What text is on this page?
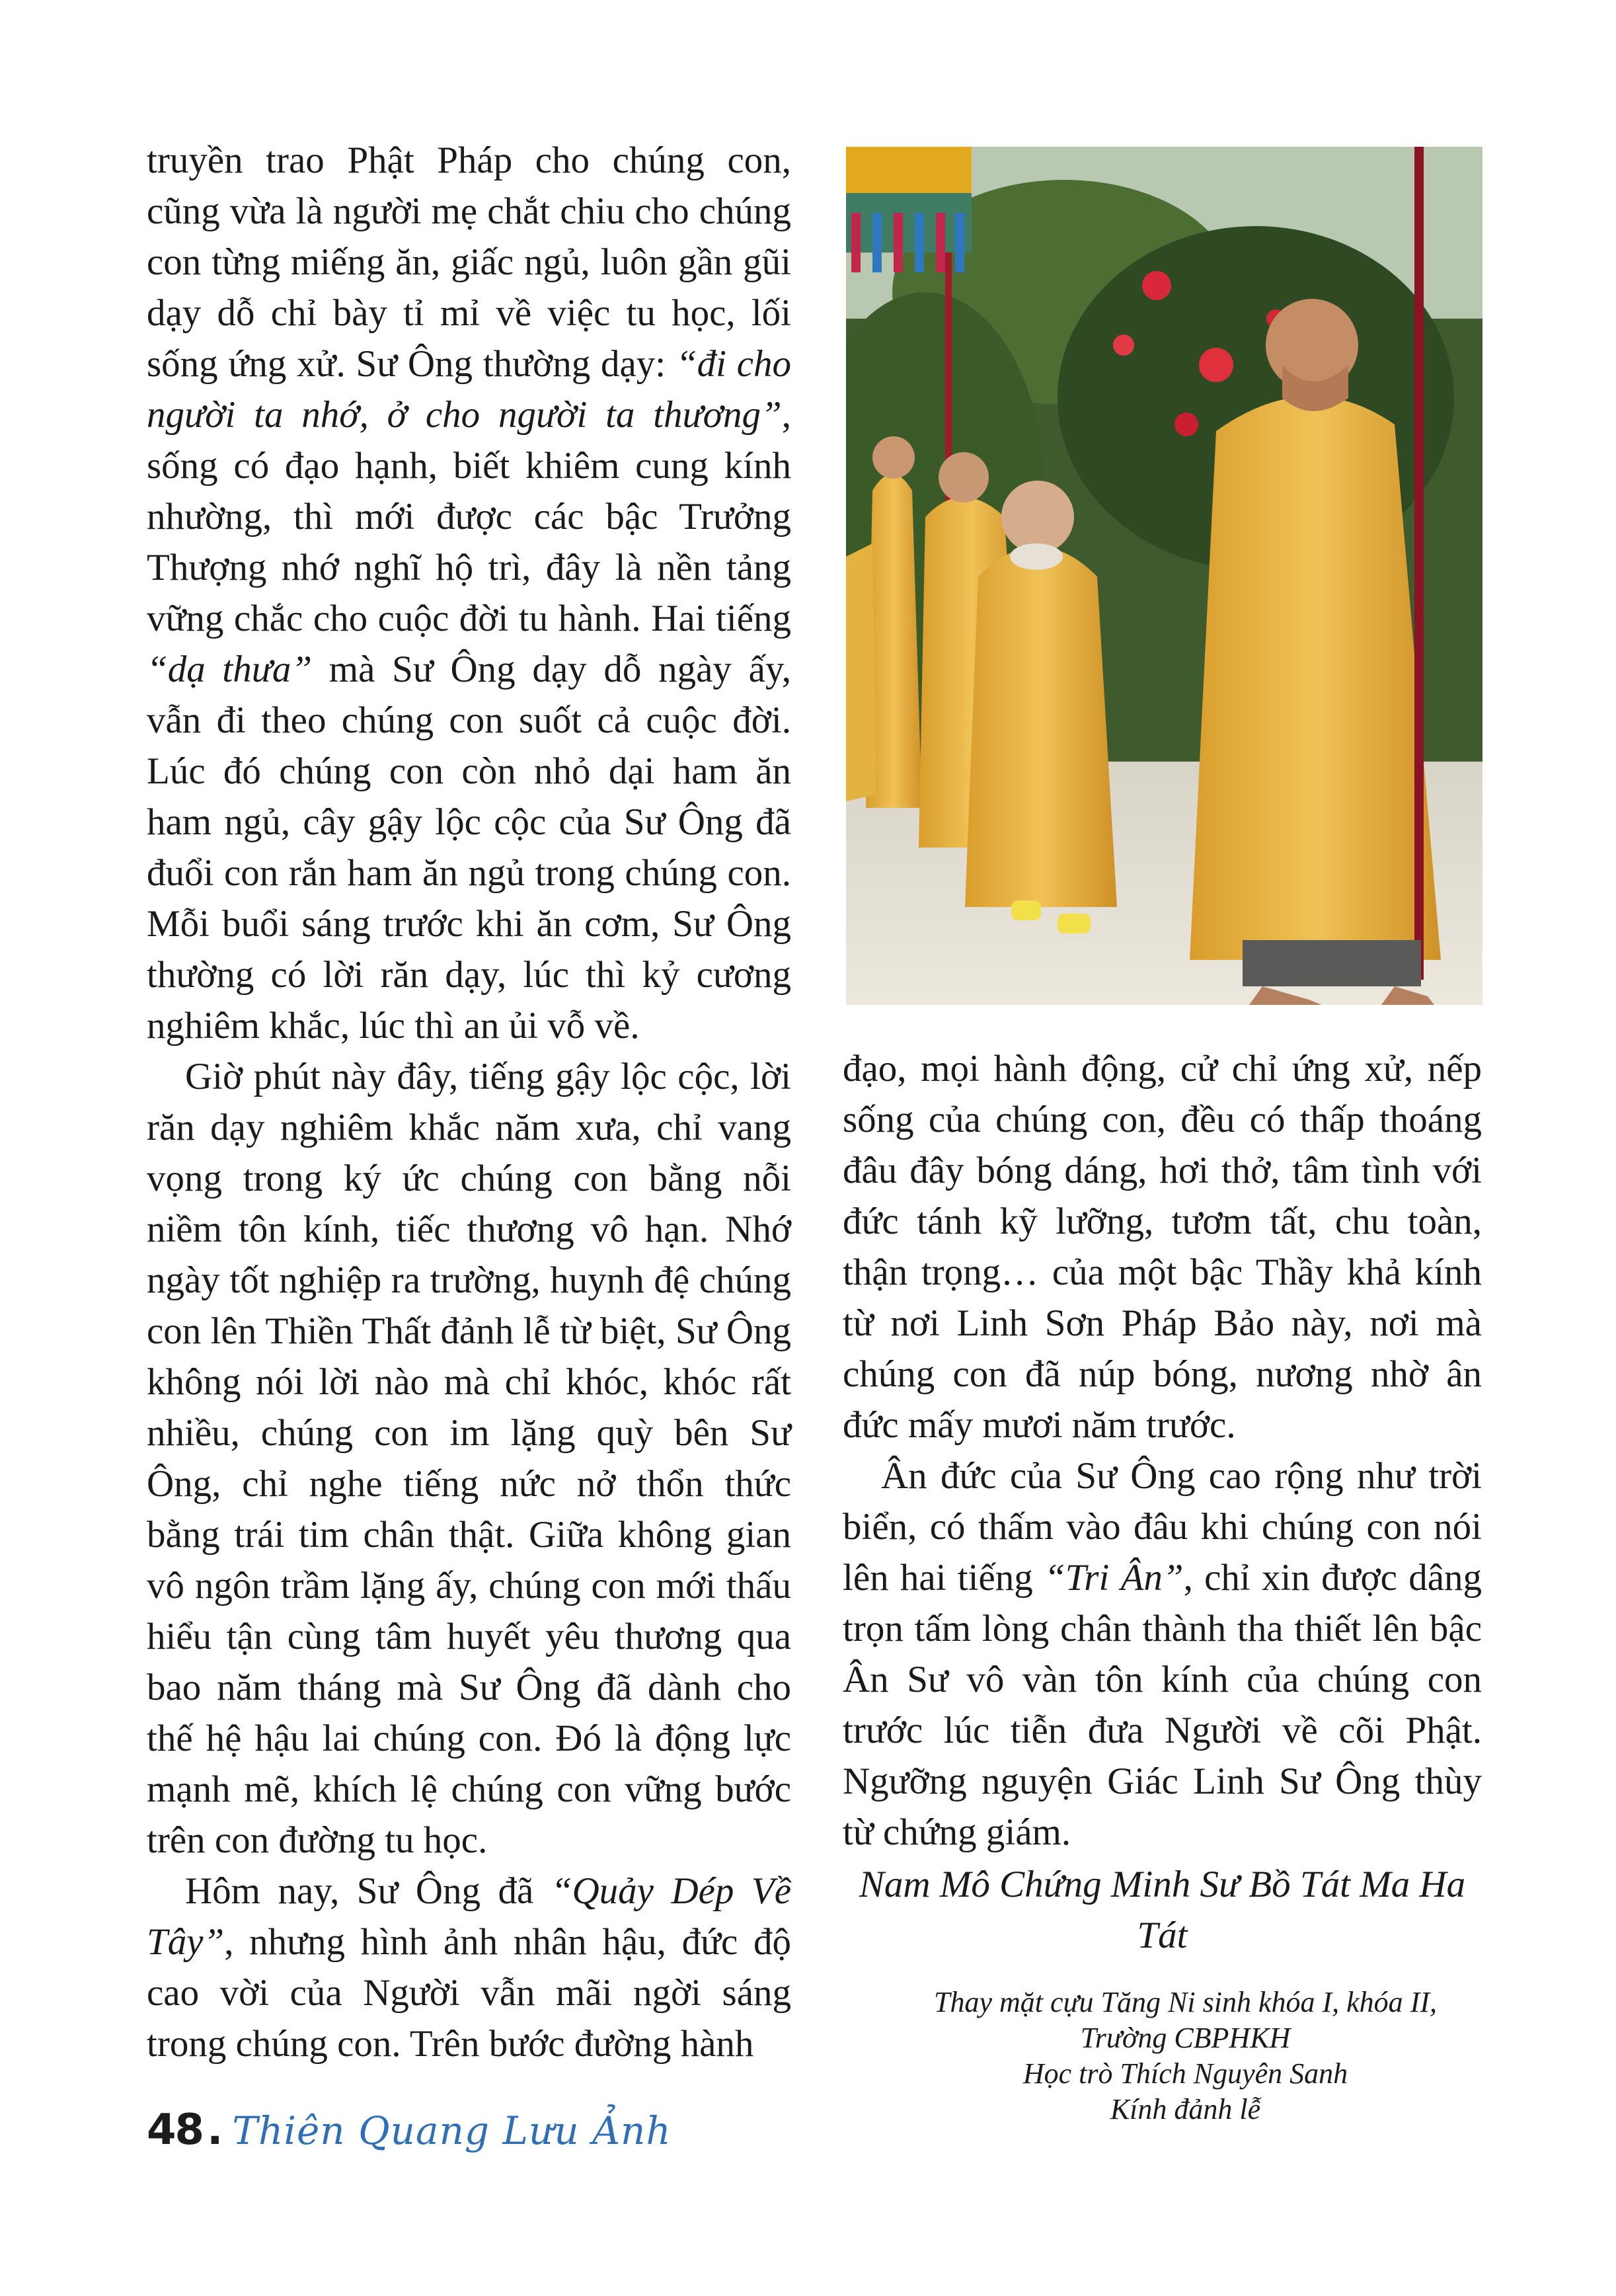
truyền trao Phật Pháp cho chúng con, cũng vừa là người mẹ chắt chiu cho chúng con từng miếng ăn, giấc ngủ, luôn gần gũi dạy dỗ chỉ bày tỉ mỉ về việc tu học, lối sống ứng xử. Sư Ông thường dạy: “đi cho người ta nhớ, ở cho người ta thương”, sống có đạo hạnh, biết khiêm cung kính nhường, thì mới được các bậc Trưởng Thượng nhớ nghĩ hộ trì, đây là nền tảng vững chắc cho cuộc đời tu hành. Hai tiếng “dạ thưa” mà Sư Ông dạy dỗ ngày ấy, vẫn đi theo chúng con suốt cả cuộc đời. Lúc đó chúng con còn nhỏ dại ham ăn ham ngủ, cây gậy lộc cộc của Sư Ông đã đuổi con rắn ham ăn ngủ trong chúng con. Mỗi buổi sáng trước khi ăn cơm, Sư Ông thường có lời răn dạy, lúc thì kỷ cương nghiêm khắc, lúc thì an ủi vỗ về.

Giờ phút này đây, tiếng gậy lộc cộc, lời răn dạy nghiêm khắc năm xưa, chỉ vang vọng trong ký ức chúng con bằng nỗi niềm tôn kính, tiếc thương vô hạn. Nhớ ngày tốt nghiệp ra trường, huynh đệ chúng con lên Thiền Thất đảnh lễ từ biệt, Sư Ông không nói lời nào mà chỉ khóc, khóc rất nhiều, chúng con im lặng quỳ bên Sư Ông, chỉ nghe tiếng nức nở thổn thức bằng trái tim chân thật. Giữa không gian vô ngôn trầm lặng ấy, chúng con mới thấu hiểu tận cùng tâm huyết yêu thương qua bao năm tháng mà Sư Ông đã dành cho thế hệ hậu lai chúng con. Đó là động lực mạnh mẽ, khích lệ chúng con vững bước trên con đường tu học.

Hôm nay, Sư Ông đã “Quảy Dép Về Tây”, nhưng hình ảnh nhân hậu, đức độ cao vời của Người vẫn mãi ngời sáng trong chúng con. Trên bước đường hành

đạo, mọi hành động, cử chỉ ứng xử, nếp sống của chúng con, đều có thấp thoáng đâu đây bóng dáng, hơi thở, tâm tình với đức tánh kỹ lưỡng, tươm tất, chu toàn, thận trọng… của một bậc Thầy khả kính từ nơi Linh Sơn Pháp Bảo này, nơi mà chúng con đã núp bóng, nương nhờ ân đức mấy mươi năm trước.

Ân đức của Sư Ông cao rộng như trời biển, có thấm vào đâu khi chúng con nói lên hai tiếng “Tri Ân”, chỉ xin được dâng trọn tấm lòng chân thành tha thiết lên bậc Ân Sư vô vàn tôn kính của chúng con trước lúc tiễn đưa Người về cõi Phật. Ngưỡng nguyện Giác Linh Sư Ông thùy từ chứng giám.

Nam Mô Chứng Minh Sư Bồ Tát Ma Ha Tát

Thay mặt cựu Tăng Ni sinh khóa I, khóa II,
Trường CBPHKH
Học trò Thích Nguyên Sanh
Kính đảnh lễ

48 . Thiên Quang Lưu Ảnh
